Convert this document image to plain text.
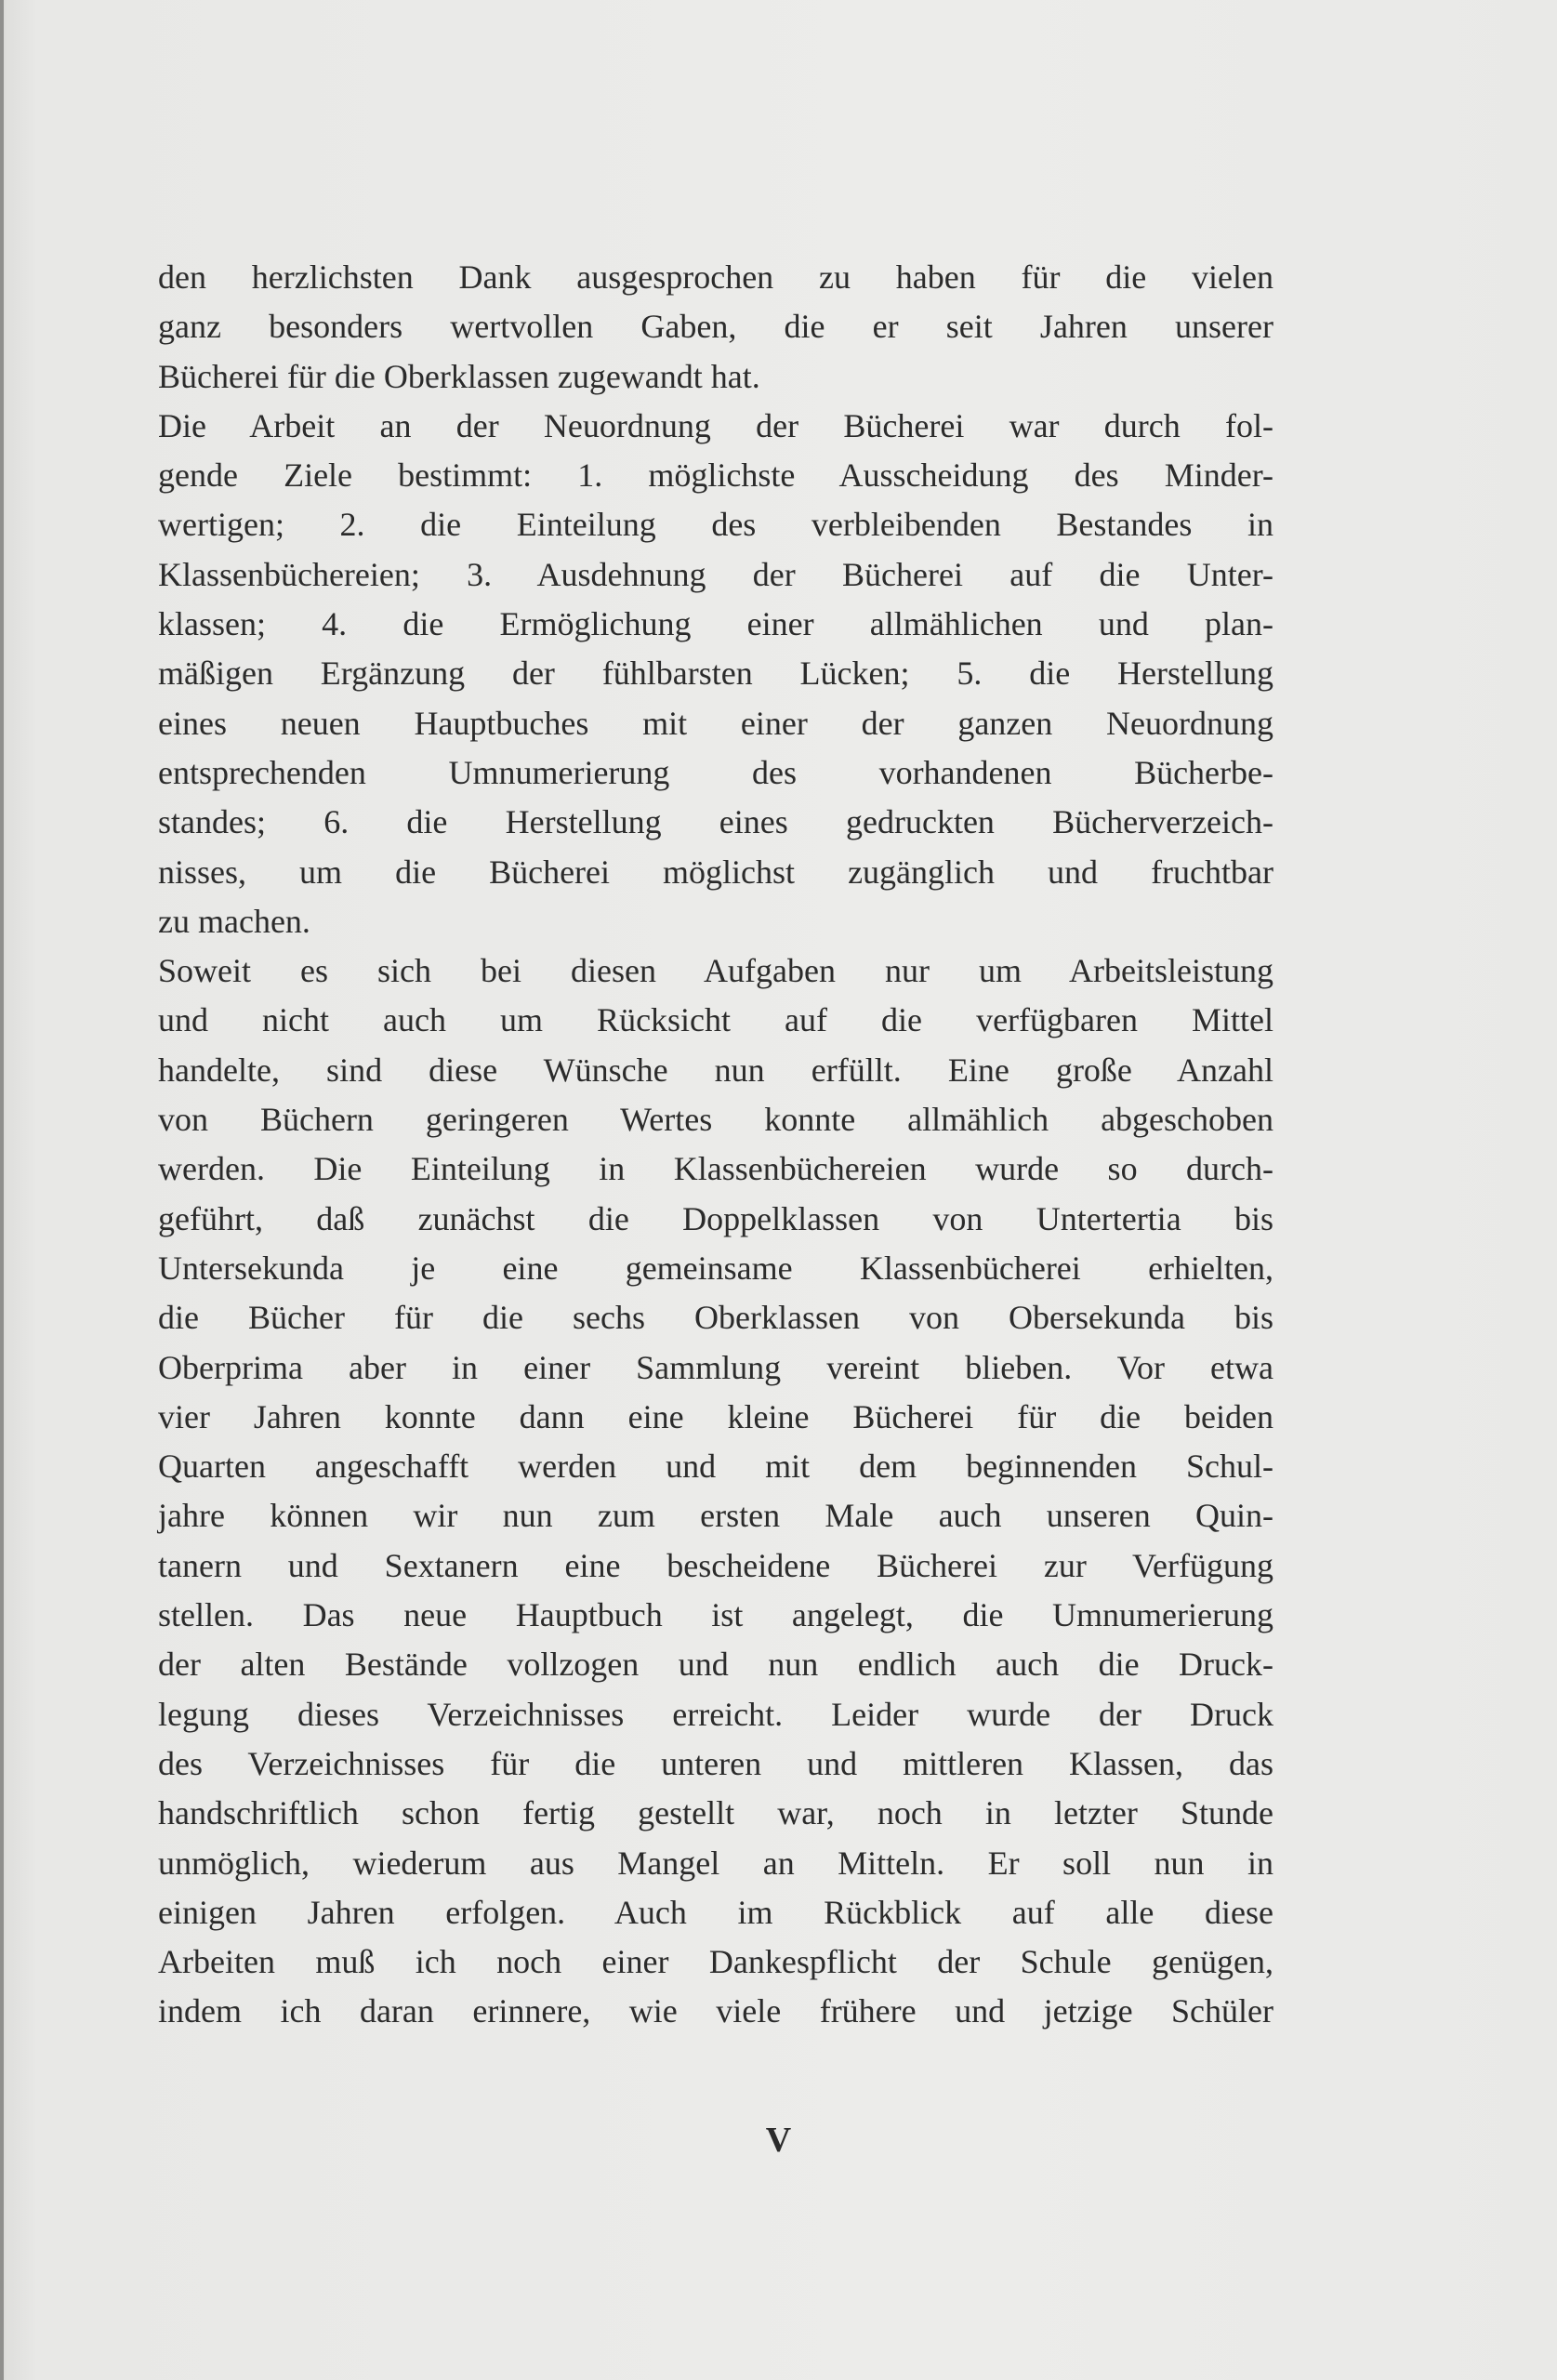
den herzlichsten Dank ausgesprochen zu haben für die vielen
ganz besonders wertvollen Gaben, die er seit Jahren unserer
Bücherei für die Oberklassen zugewandt hat.
Die Arbeit an der Neuordnung der Bücherei war durch fol-
gende Ziele bestimmt: 1. möglichste Ausscheidung des Minder-
wertigen; 2. die Einteilung des verbleibenden Bestandes in
Klassenbüchereien; 3. Ausdehnung der Bücherei auf die Unter-
klassen; 4. die Ermöglichung einer allmählichen und plan-
mäßigen Ergänzung der fühlbarsten Lücken; 5. die Herstellung
eines neuen Hauptbuches mit einer der ganzen Neuordnung
entsprechenden Umnumerierung des vorhandenen Bücherbe-
standes; 6. die Herstellung eines gedruckten Bücherverzeich-
nisses, um die Bücherei möglichst zugänglich und fruchtbar
zu machen.
Soweit es sich bei diesen Aufgaben nur um Arbeitsleistung
und nicht auch um Rücksicht auf die verfügbaren Mittel
handelte, sind diese Wünsche nun erfüllt. Eine große Anzahl
von Büchern geringeren Wertes konnte allmählich abgeschoben
werden. Die Einteilung in Klassenbüchereien wurde so durch-
geführt, daß zunächst die Doppelklassen von Untertertia bis
Untersekunda je eine gemeinsame Klassenbücherei erhielten,
die Bücher für die sechs Oberklassen von Obersekunda bis
Oberprima aber in einer Sammlung vereint blieben. Vor etwa
vier Jahren konnte dann eine kleine Bücherei für die beiden
Quarten angeschafft werden und mit dem beginnenden Schul-
jahre können wir nun zum ersten Male auch unseren Quin-
tanern und Sextanern eine bescheidene Bücherei zur Verfügung
stellen. Das neue Hauptbuch ist angelegt, die Umnumerierung
der alten Bestände vollzogen und nun endlich auch die Druck-
legung dieses Verzeichnisses erreicht. Leider wurde der Druck
des Verzeichnisses für die unteren und mittleren Klassen, das
handschriftlich schon fertig gestellt war, noch in letzter Stunde
unmöglich, wiederum aus Mangel an Mitteln. Er soll nun in
einigen Jahren erfolgen. Auch im Rückblick auf alle diese
Arbeiten muß ich noch einer Dankespflicht der Schule genügen,
indem ich daran erinnere, wie viele frühere und jetzige Schüler
V
